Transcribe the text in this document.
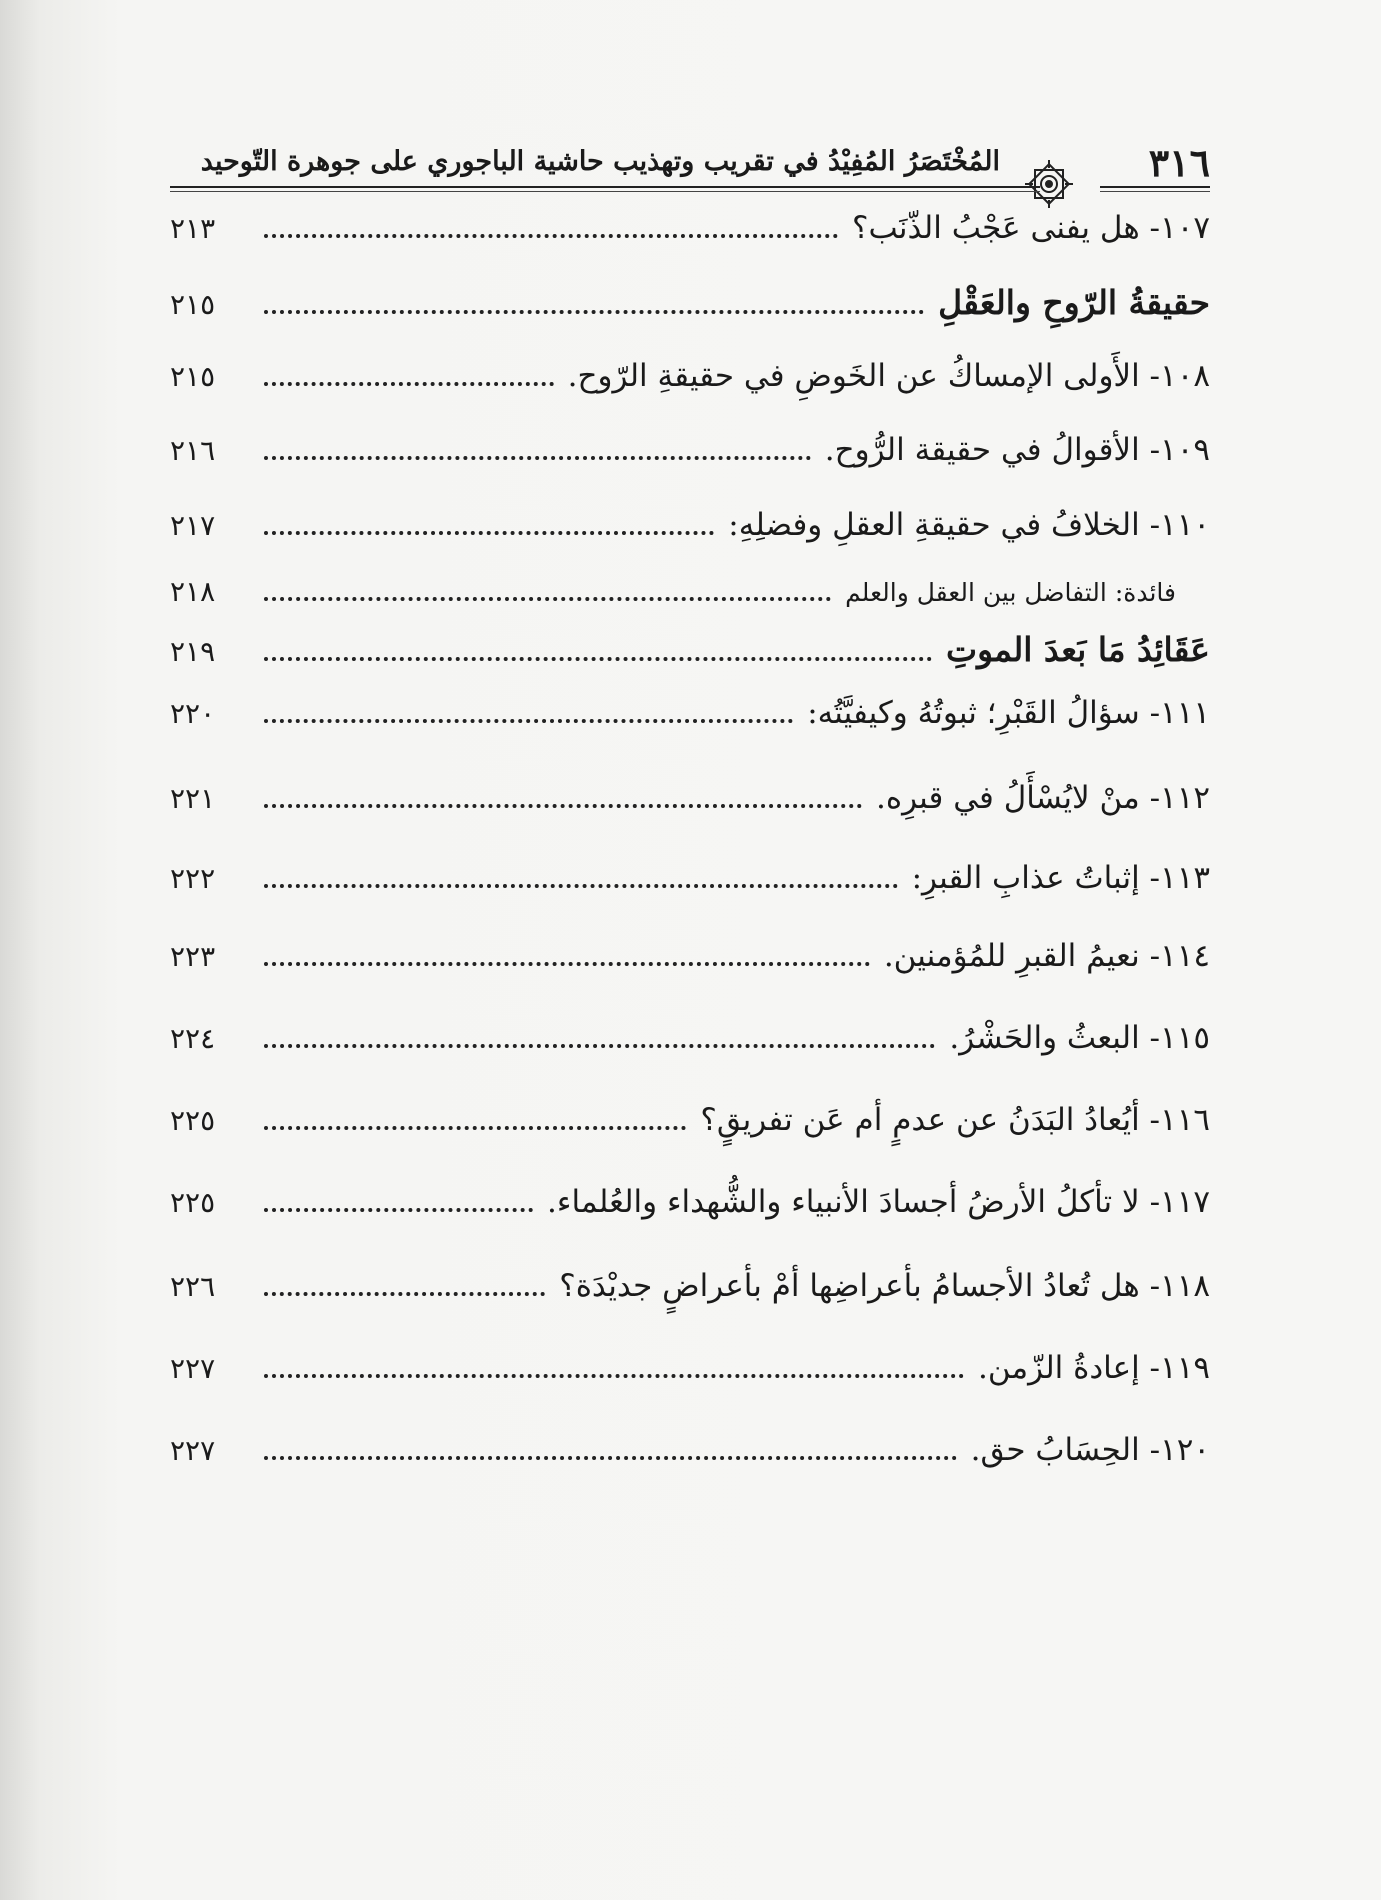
٣١٦
المُخْتَصَرُ المُفِيْدُ في تقريب وتهذيب حاشية الباجوري على جوهرة التّوحيد
١٠٧- هل يفنى عَجْبُ الذّنَب؟
٢١٣
حقيقةُ الرّوحِ والعَقْلِ
٢١٥
١٠٨- الأَولى الإمساكُ عن الخَوضِ في حقيقةِ الرّوح.
٢١٥
١٠٩- الأقوالُ في حقيقة الرُّوح.
٢١٦
١١٠- الخلافُ في حقيقةِ العقلِ وفضلِهِ:
٢١٧
فائدة: التفاضل بين العقل والعلم
٢١٨
عَقَائِدُ مَا بَعدَ الموتِ
٢١٩
١١١- سؤالُ القَبْرِ؛ ثبوتُهُ وكيفيَّتُه:
٢٢٠
١١٢- منْ لايُسْأَلُ في قبرِه.
٢٢١
١١٣- إثباتُ عذابِ القبرِ:
٢٢٢
١١٤- نعيمُ القبرِ للمُؤمنين.
٢٢٣
١١٥- البعثُ والحَشْرُ.
٢٢٤
١١٦- أيُعادُ البَدَنُ عن عدمٍ أم عَن تفريقٍ؟
٢٢٥
١١٧- لا تأكلُ الأرضُ أجسادَ الأنبياء والشُّهداء والعُلماء.
٢٢٥
١١٨- هل تُعادُ الأجسامُ بأعراضِها أمْ بأعراضٍ جديْدَة؟
٢٢٦
١١٩- إعادةُ الزّمن.
٢٢٧
١٢٠- الحِسَابُ حق.
٢٢٧
